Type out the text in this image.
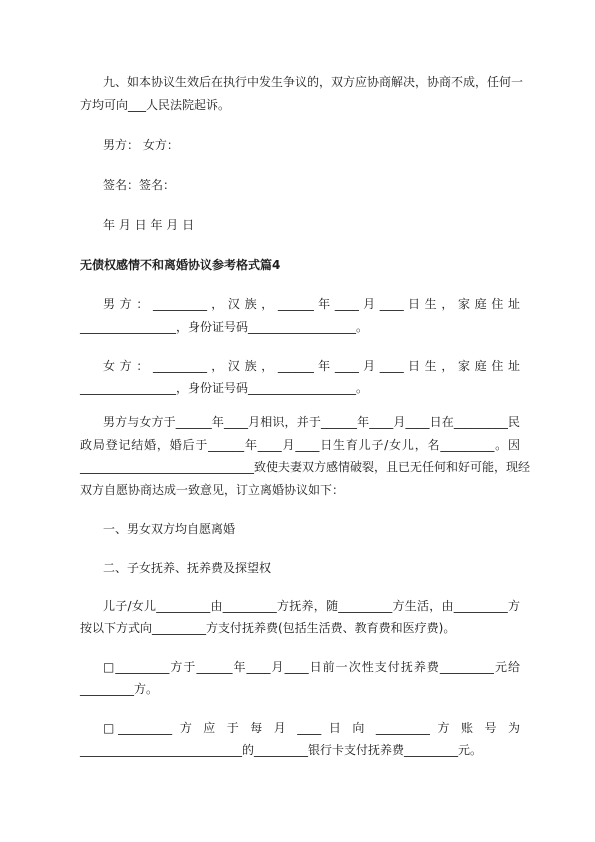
九、如本协议生效后在执行中发生争议的，双方应协商解决，协商不成，任何一
方均可向___人民法院起诉。
男方： 女方：
签名：签名：
年 月 日 年 月 日
无债权感情不和离婚协议参考格式篇4
男 方 ： _________ ， 汉 族 ， ______ 年 ____ 月 ____ 日 生 ， 家 庭 住 址
________________，身份证号码__________________。
女 方 ： _________ ， 汉 族 ， ______ 年 ____ 月 ____ 日 生 ， 家 庭 住 址
________________，身份证号码__________________。
男方与女方于______年____月相识，并于______年____月____日在_________民
政局登记结婚，婚后于______年____月____日生育儿子/女儿，名_________。因
_____________________________致使夫妻双方感情破裂，且已无任何和好可能，现经
双方自愿协商达成一致意见，订立离婚协议如下：
一、男女双方均自愿离婚
二、子女抚养、抚养费及探望权
儿子/女儿_________由_________方抚养，随_________方生活，由_________方
按以下方式向_________方支付抚养费(包括生活费、教育费和医疗费)。
□_________方于______年____月____日前一次性支付抚养费_________元给
_________方。
□_________ 方 应 于 每 月 ____ 日 向 _________ 方 账 号 为
___________________________的_________银行卡支付抚养费_________元。
